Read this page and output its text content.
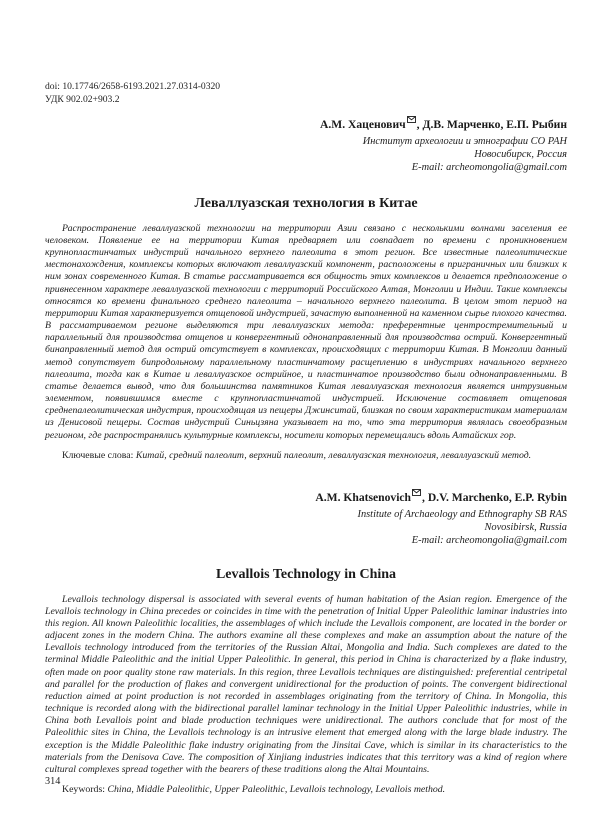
doi: 10.17746/2658-6193.2021.27.0314-0320
УДК 902.02+903.2
А.М. Хаценович , Д.В. Марченко, Е.П. Рыбин
Институт археологии и этнографии СО РАН
Новосибирск, Россия
E-mail: archeomongolia@gmail.com
Леваллуазская технология в Китае

Распространение леваллуазской технологии на территории Азии связано с несколькими волнами заселения ее человеком. Появление ее на территории Китая предваряет или совпадает по времени с проникновением крупнопластинчатых индустрий начального верхнего палеолита в этот регион. Все известные палеолитические местонахождения, комплексы которых включают леваллуазский компонент, расположены в приграничных или близких к ним зонах современного Китая. В статье рассматривается вся общность этих комплексов и делается предположение о привнесенном характере леваллуазской технологии с территорий Российского Алтая, Монголии и Индии. Такие комплексы относятся ко времени финального среднего палеолита – начального верхнего палеолита. В целом этот период на территории Китая характеризуется отщеповой индустрией, зачастую выполненной на каменном сырье плохого качества. В рассматриваемом регионе выделяются три леваллуазских метода: преферентные центростремительный и параллельный для производства отщепов и конвергентный однонаправленный для производства острий. Конвергентный бинаправленный метод для острий отсутствует в комплексах, происходящих с территории Китая. В Монголии данный метод сопутствует бипродольному параллельному пластинчатому расщеплению в индустриях начального верхнего палеолита, тогда как в Китае и леваллуазское острийное, и пластинчатое производство были однонаправленными. В статье делается вывод, что для большинства памятников Китая леваллуазская технология является интрузивным элементом, появившимся вместе с крупнопластинчатой индустрией. Исключение составляет отщеповая среднепалеолитическая индустрия, происходящая из пещеры Джинситай, близкая по своим характеристикам материалам из Денисовой пещеры. Состав индустрий Синьцзяна указывает на то, что эта территория являлась своеобразным регионом, где распространялись культурные комплексы, носители которых перемещались вдоль Алтайских гор.

Ключевые слова: Китай, средний палеолит, верхний палеолит, леваллуазская технология, леваллуазский метод.

A.M. Khatsenovich , D.V. Marchenko, E.P. Rybin
Institute of Archaeology and Ethnography SB RAS
Novosibirsk, Russia
E-mail: archeomongolia@gmail.com
Levallois Technology in China

Levallois technology dispersal is associated with several events of human habitation of the Asian region. Emergence of the Levallois technology in China precedes or coincides in time with the penetration of Initial Upper Paleolithic laminar industries into this region. All known Paleolithic localities, the assemblages of which include the Levallois component, are located in the border or adjacent zones in the modern China. The authors examine all these complexes and make an assumption about the nature of the Levallois technology introduced from the territories of the Russian Altai, Mongolia and India. Such complexes are dated to the terminal Middle Paleolithic and the initial Upper Paleolithic. In general, this period in China is characterized by a flake industry, often made on poor quality stone raw materials. In this region, three Levallois techniques are distinguished: preferential centripetal and parallel for the production of flakes and convergent unidirectional for the production of points. The convergent bidirectional reduction aimed at point production is not recorded in assemblages originating from the territory of China. In Mongolia, this technique is recorded along with the bidirectional parallel laminar technology in the Initial Upper Paleolithic industries, while in China both Levallois point and blade production techniques were unidirectional. The authors conclude that for most of the Paleolithic sites in China, the Levallois technology is an intrusive element that emerged along with the large blade industry. The exception is the Middle Paleolithic flake industry originating from the Jinsitai Cave, which is similar in its characteristics to the materials from the Denisova Cave. The composition of Xinjiang industries indicates that this territory was a kind of region where cultural complexes spread together with the bearers of these traditions along the Altai Mountains.

Keywords: China, Middle Paleolithic, Upper Paleolithic, Levallois technology, Levallois method.

314
